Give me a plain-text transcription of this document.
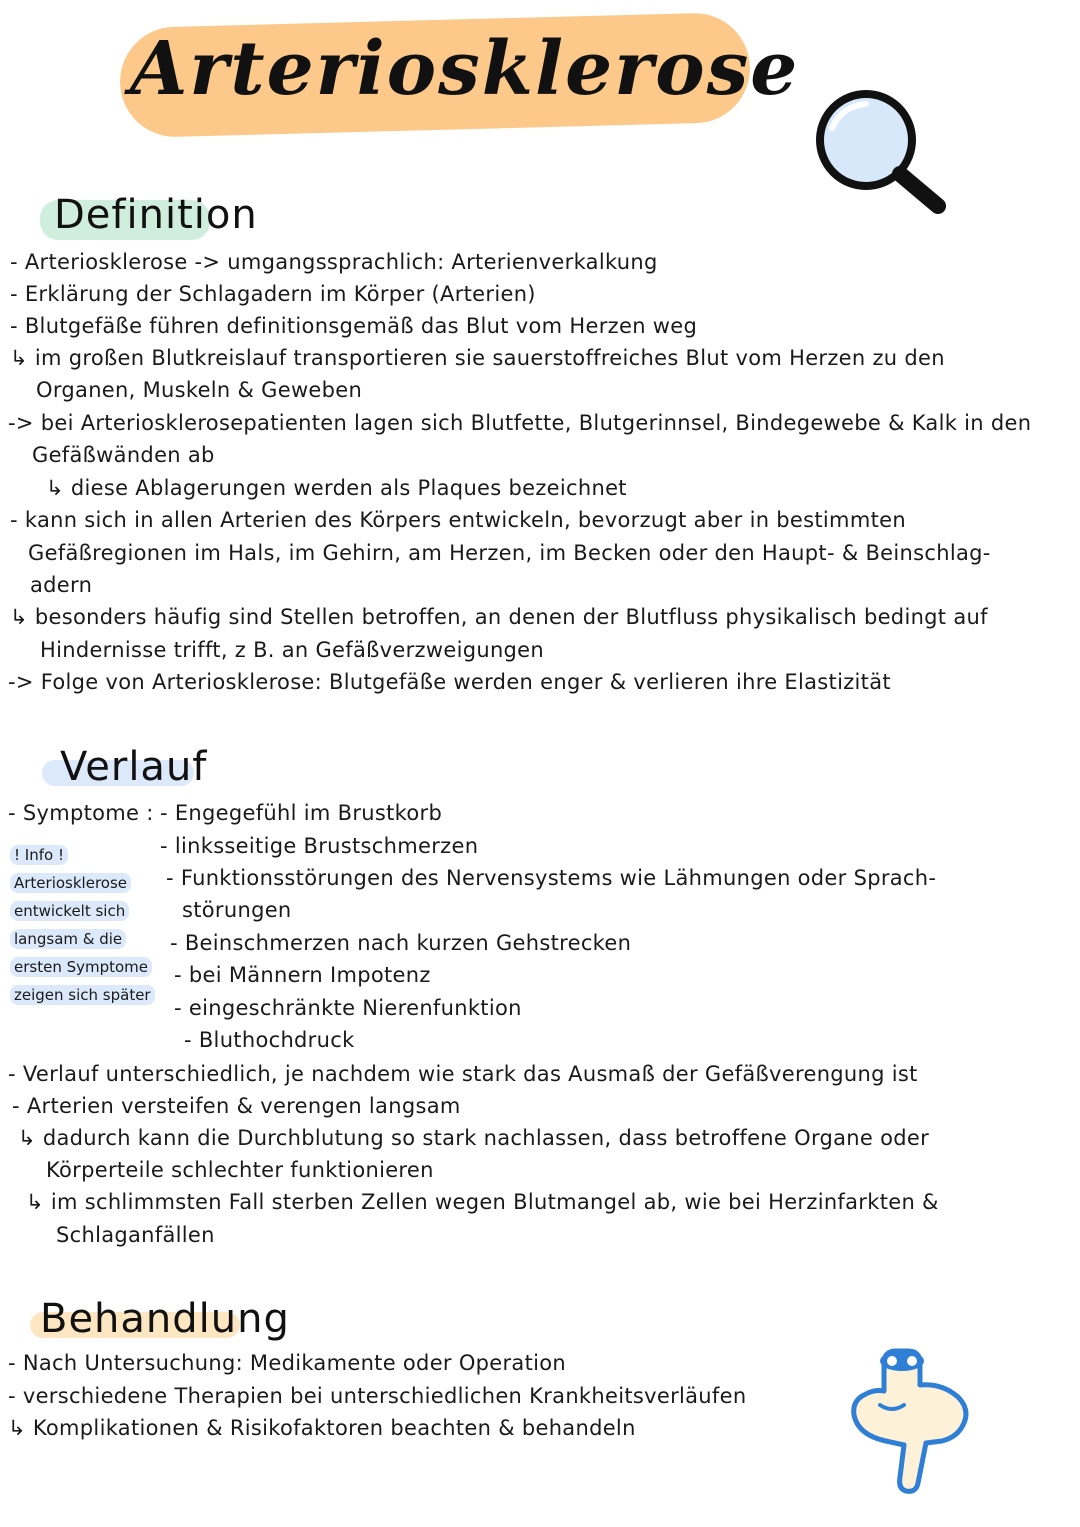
Arteriosklerose
Definition
- Arteriosklerose -> umgangssprachlich: Arterienverkalkung
- Erklärung der Schlagadern im Körper (Arterien)
- Blutgefäße führen definitionsgemäß das Blut vom Herzen weg
↳ im großen Blutkreislauf transportieren sie sauerstoffreiches Blut vom Herzen zu den
Organen, Muskeln & Geweben
-> bei Arteriosklerosepatienten lagen sich Blutfette, Blutgerinnsel, Bindegewebe & Kalk in den
Gefäßwänden ab
↳ diese Ablagerungen werden als Plaques bezeichnet
- kann sich in allen Arterien des Körpers entwickeln, bevorzugt aber in bestimmten
Gefäßregionen im Hals, im Gehirn, am Herzen, im Becken oder den Haupt- & Beinschlag-
adern
↳ besonders häufig sind Stellen betroffen, an denen der Blutfluss physikalisch bedingt auf
Hindernisse trifft, z B. an Gefäßverzweigungen
-> Folge von Arteriosklerose: Blutgefäße werden enger & verlieren ihre Elastizität
Verlauf
- Symptome : - Engegefühl im Brustkorb
- linksseitige Brustschmerzen
- Funktionsstörungen des Nervensystems wie Lähmungen oder Sprach-
störungen
- Beinschmerzen nach kurzen Gehstrecken
- bei Männern Impotenz
- eingeschränkte Nierenfunktion
- Bluthochdruck
! Info !
Arteriosklerose
entwickelt sich
langsam & die
ersten Symptome
zeigen sich später
- Verlauf unterschiedlich, je nachdem wie stark das Ausmaß der Gefäßverengung ist
- Arterien versteifen & verengen langsam
↳ dadurch kann die Durchblutung so stark nachlassen, dass betroffene Organe oder
Körperteile schlechter funktionieren
↳ im schlimmsten Fall sterben Zellen wegen Blutmangel ab, wie bei Herzinfarkten &
Schlaganfällen
Behandlung
- Nach Untersuchung: Medikamente oder Operation
- verschiedene Therapien bei unterschiedlichen Krankheitsverläufen
↳ Komplikationen & Risikofaktoren beachten & behandeln
